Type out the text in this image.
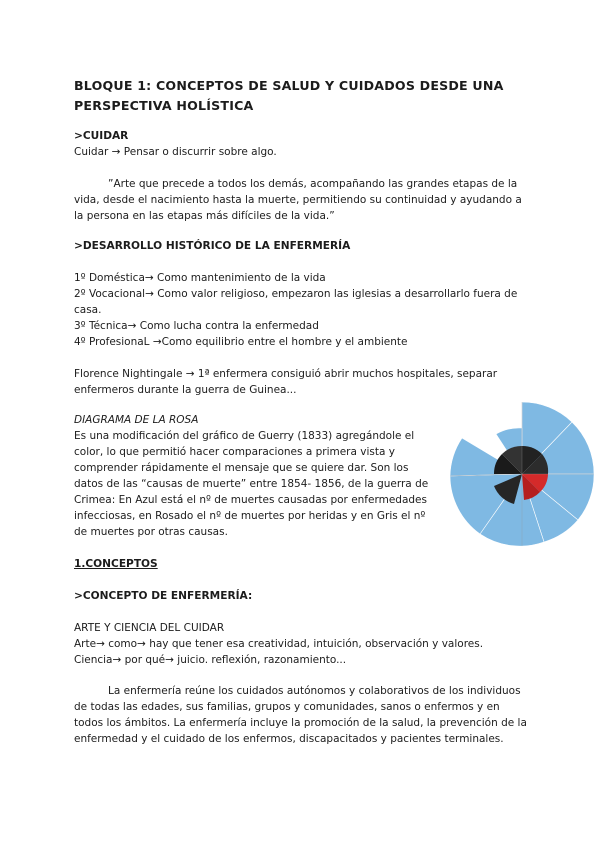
BLOQUE 1: CONCEPTOS DE SALUD Y CUIDADOS DESDE UNA PERSPECTIVA HOLÍSTICA
>CUIDAR
Cuidar → Pensar o discurrir sobre algo.
”Arte que precede a todos los demás, acompañando las grandes etapas de la vida, desde el nacimiento hasta la muerte, permitiendo su continuidad y ayudando a la persona en las etapas más difíciles de la vida.”
>DESARROLLO HISTÓRICO DE LA ENFERMERÍA
1º Doméstica→ Como mantenimiento de la vida
2º Vocacional→ Como valor religioso, empezaron las iglesias a desarrollarlo fuera de casa.
3º Técnica→ Como lucha contra la enfermedad
4º ProfesionaL →Como equilibrio entre el hombre y el ambiente
Florence Nightingale → 1ª enfermera consiguió abrir muchos hospitales, separar enfermeros durante la guerra de Guinea...
DIAGRAMA DE LA ROSA
Es una modificación del gráfico de Guerry (1833) agregándole el color, lo que permitió hacer comparaciones a primera vista y comprender rápidamente el mensaje que se quiere dar. Son los datos de las “causas de muerte” entre 1854- 1856, de la guerra de Crimea: En Azul está el nº de muertes causadas por enfermedades infecciosas, en Rosado el nº de muertes por heridas y en Gris el nº de muertes por otras causas.
1.CONCEPTOS
>CONCEPTO DE ENFERMERÍA:
ARTE Y CIENCIA DEL CUIDAR
Arte→ como→ hay que tener esa creatividad, intuición, observación y valores.
Ciencia→ por qué→ juicio. reflexión, razonamiento...
La enfermería reúne los cuidados autónomos y colaborativos de los individuos de todas las edades, sus familias, grupos y comunidades, sanos o enfermos y en todos los ámbitos. La enfermería incluye la promoción de la salud, la prevención de la enfermedad y el cuidado de los enfermos, discapacitados y pacientes terminales.
